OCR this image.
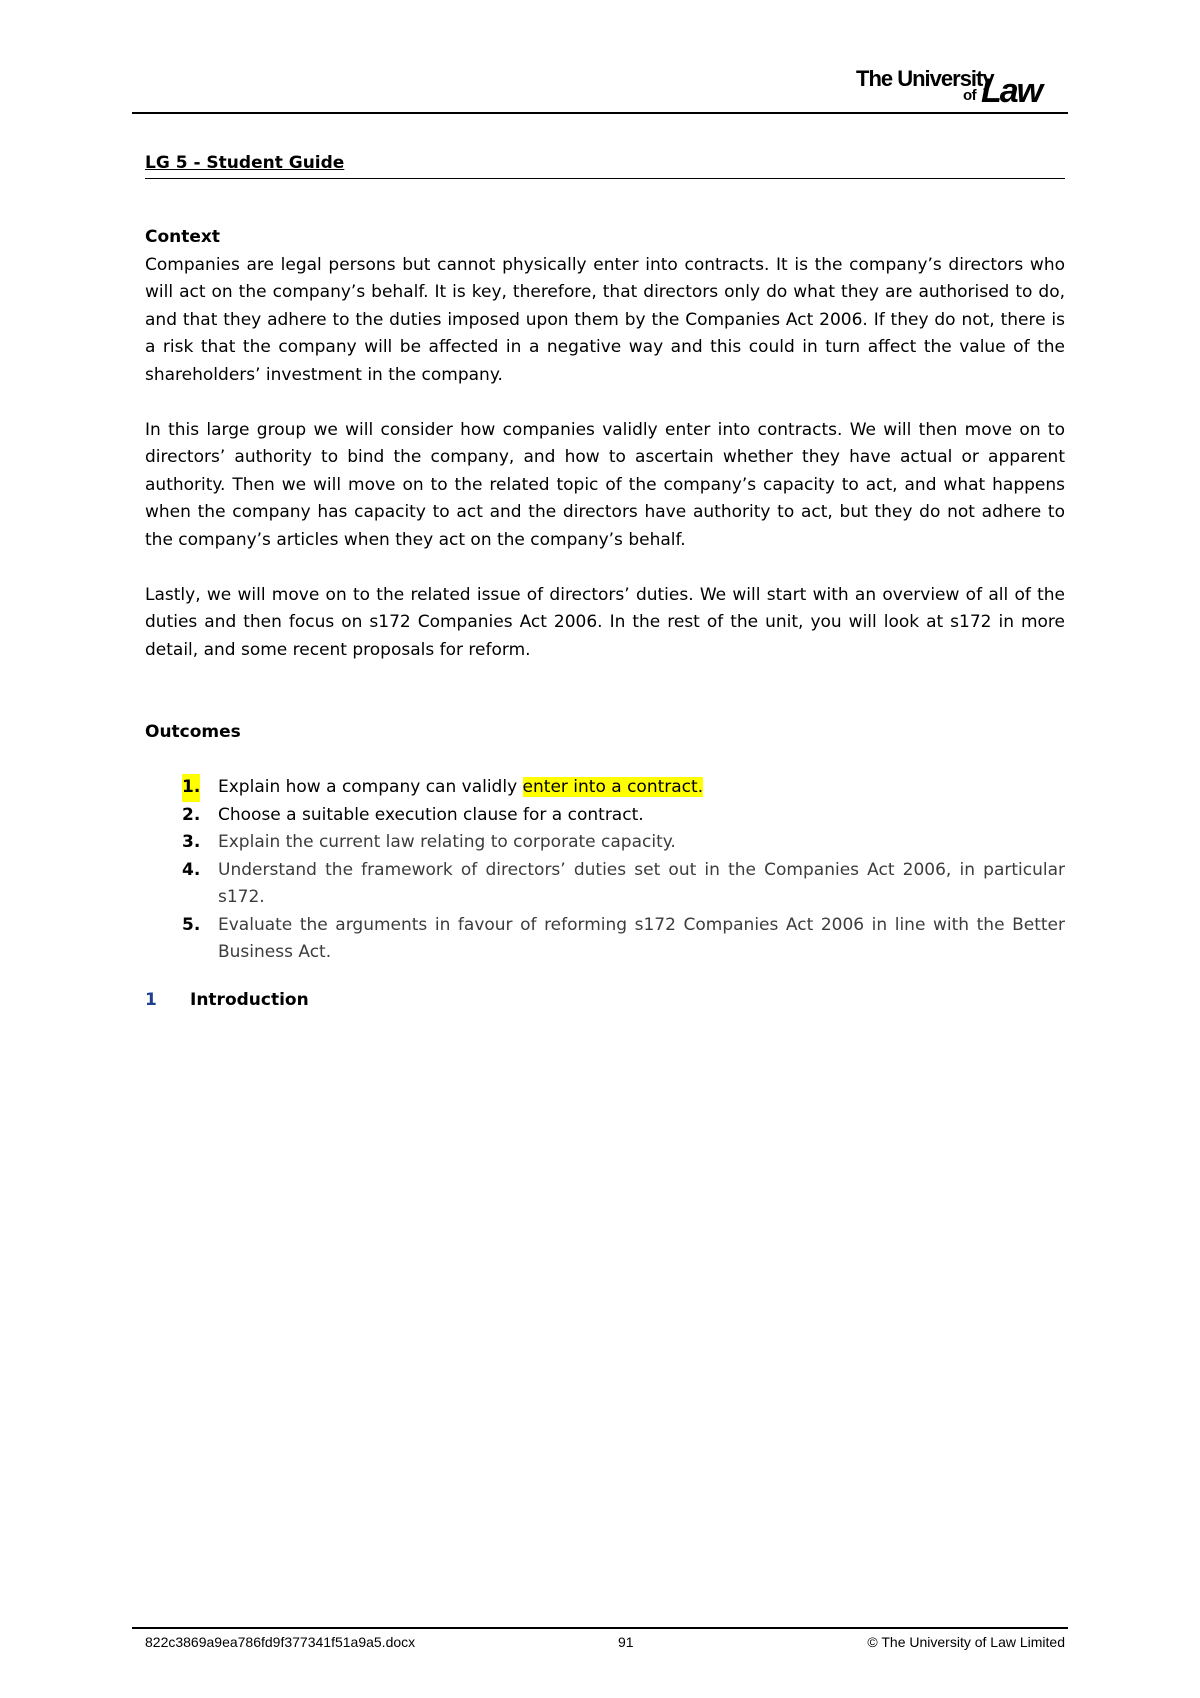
The University
of Law
LG 5 - Student Guide
Context

Companies are legal persons but cannot physically enter into contracts. It is the company’s directors who will act on the company’s behalf. It is key, therefore, that directors only do what they are authorised to do, and that they adhere to the duties imposed upon them by the Companies Act 2006. If they do not, there is a risk that the company will be affected in a negative way and this could in turn affect the value of the shareholders’ investment in the company.

In this large group we will consider how companies validly enter into contracts. We will then move on to directors’ authority to bind the company, and how to ascertain whether they have actual or apparent authority. Then we will move on to the related topic of the company’s capacity to act, and what happens when the company has capacity to act and the directors have authority to act, but they do not adhere to the company’s articles when they act on the company’s behalf.

Lastly, we will move on to the related issue of directors’ duties. We will start with an overview of all of the duties and then focus on s172 Companies Act 2006. In the rest of the unit, you will look at s172 in more detail, and some recent proposals for reform.

Outcomes
1. Explain how a company can validly enter into a contract.
2. Choose a suitable execution clause for a contract.
3. Explain the current law relating to corporate capacity.
4. Understand the framework of directors’ duties set out in the Companies Act 2006, in particular s172.
5. Evaluate the arguments in favour of reforming s172 Companies Act 2006 in line with the Better Business Act.
1 Introduction
822c3869a9ea786fd9f377341f51a9a5.docx	91	© The University of Law Limited
